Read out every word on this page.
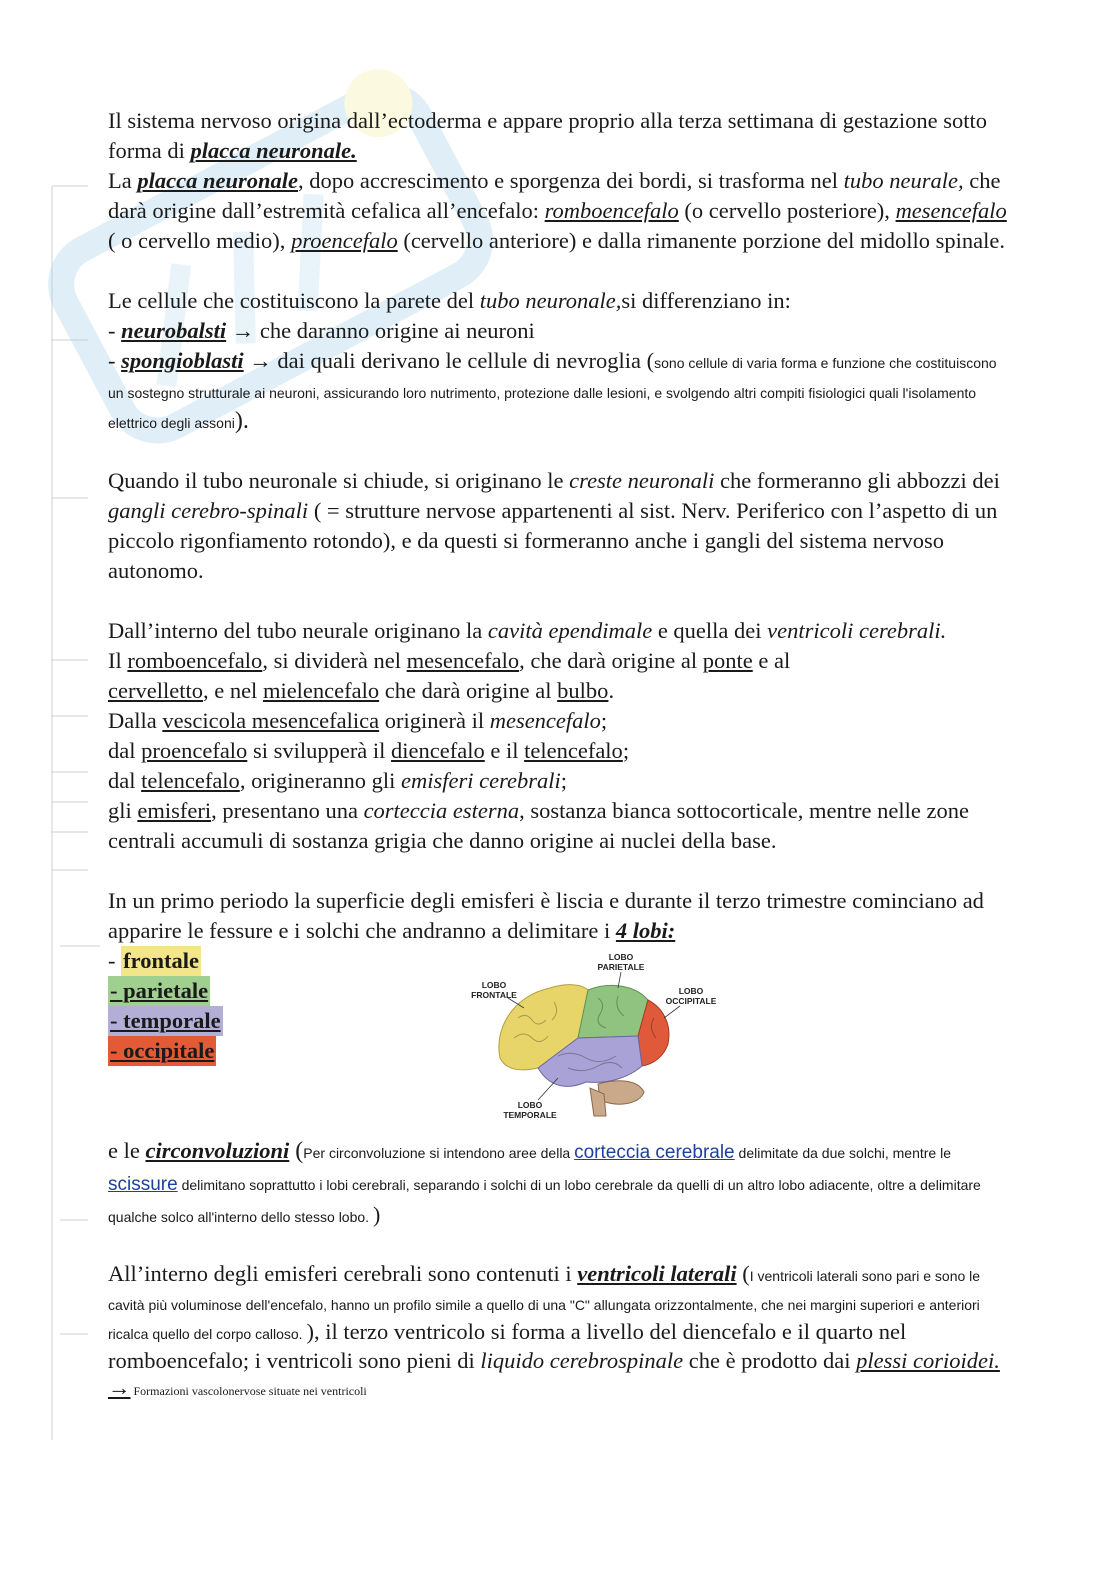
Il sistema nervoso origina dall’ectoderma e appare proprio alla terza settimana di gestazione sotto forma di placca neuronale.
La placca neuronale, dopo accrescimento e sporgenza dei bordi, si trasforma nel tubo neurale, che darà origine dall’estremità cefalica all’encefalo: romboencefalo (o cervello posteriore), mesencefalo ( o cervello medio), proencefalo (cervello anteriore) e dalla rimanente porzione del midollo spinale.

Le cellule che costituiscono la parete del tubo neuronale,si differenziano in:
- neurobalsti → che daranno origine ai neuroni
- spongioblasti → dai quali derivano le cellule di nevroglia (sono cellule di varia forma e funzione che costituiscono un sostegno strutturale ai neuroni, assicurando loro nutrimento, protezione dalle lesioni, e svolgendo altri compiti fisiologici quali l'isolamento elettrico degli assoni).

Quando il tubo neuronale si chiude, si originano le creste neuronali che formeranno gli abbozzi dei gangli cerebro-spinali ( = strutture nervose appartenenti al sist. Nerv. Periferico con l’aspetto di un piccolo rigonfiamento rotondo), e da questi si formeranno anche i gangli del sistema nervoso autonomo.

Dall’interno del tubo neurale originano la cavità ependimale e quella dei ventricoli cerebrali.
Il romboencefalo, si dividerà nel mesencefalo, che darà origine al ponte e al
cervelletto, e nel mielencefalo che darà origine al bulbo.
Dalla vescicola mesencefalica originerà il mesencefalo;
dal proencefalo si svilupperà il diencefalo e il telencefalo;
dal telencefalo, origineranno gli emisferi cerebrali;
gli emisferi, presentano una corteccia esterna, sostanza bianca sottocorticale, mentre nelle zone centrali accumuli di sostanza grigia che danno origine ai nuclei della base.

In un primo periodo la superficie degli emisferi è liscia e durante il terzo trimestre cominciano ad apparire le fessure e i solchi che andranno a delimitare i 4 lobi:

- frontale
- parietale
- temporale
- occipitale
LOBO
PARIETALE
LOBO
FRONTALE	LOBO
OCCIPITALE
LOBO
TEMPORALE

e le circonvoluzioni (Per circonvoluzione si intendono aree della corteccia cerebrale delimitate da due solchi, mentre le scissure delimitano soprattutto i lobi cerebrali, separando i solchi di un lobo cerebrale da quelli di un altro lobo adiacente, oltre a delimitare qualche solco all'interno dello stesso lobo. )

All’interno degli emisferi cerebrali sono contenuti i ventricoli laterali (I ventricoli laterali sono pari e sono le cavità più voluminose dell'encefalo, hanno un profilo simile a quello di una "C" allungata orizzontalmente, che nei margini superiori e anteriori ricalca quello del corpo calloso. ), il terzo ventricolo si forma a livello del diencefalo e il quarto nel romboencefalo; i ventricoli sono pieni di liquido cerebrospinale che è prodotto dai plessi corioidei. → Formazioni vascolonervose situate nei ventricoli
